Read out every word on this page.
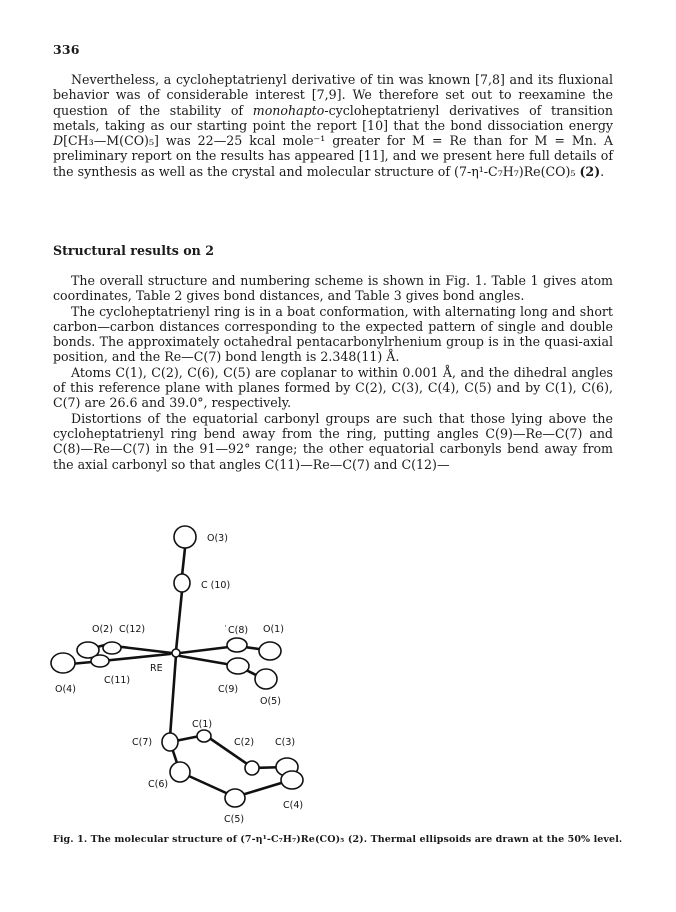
336

Nevertheless, a cycloheptatrienyl derivative of tin was known [7,8] and its fluxional behavior was of considerable interest [7,9]. We therefore set out to reexamine the question of the stability of monohapto-cycloheptatrienyl derivatives of transition metals, taking as our starting point the report [10] that the bond dissociation energy D[CH₃—M(CO)₅] was 22—25 kcal mole⁻¹ greater for M = Re than for M = Mn. A preliminary report on the results has appeared [11], and we present here full details of the synthesis as well as the crystal and molecular structure of (7-η¹-C₇H₇)Re(CO)₅ (2).

Structural results on 2

The overall structure and numbering scheme is shown in Fig. 1. Table 1 gives atom coordinates, Table 2 gives bond distances, and Table 3 gives bond angles.

The cycloheptatrienyl ring is in a boat conformation, with alternating long and short carbon—carbon distances corresponding to the expected pattern of single and double bonds. The approximately octahedral pentacarbonylrhenium group is in the quasi-axial position, and the Re—C(7) bond length is 2.348(11) Å.

Atoms C(1), C(2), C(6), C(5) are coplanar to within 0.001 Å, and the dihedral angles of this reference plane with planes formed by C(2), C(3), C(4), C(5) and by C(1), C(6), C(7) are 26.6 and 39.0°, respectively.

Distortions of the equatorial carbonyl groups are such that those lying above the cycloheptatrienyl ring bend away from the ring, putting angles C(9)—Re—C(7) and C(8)—Re—C(7) in the 91—92° range; the other equatorial carbonyls bend away from the axial carbonyl so that angles C(11)—Re—C(7) and C(12)—

O(3)
C (10)
O(2) C(12)	̇C(8) O(1)
RE
O(4)
C(11)
C(9)
O(5)
C(7)
C(1)
C(2) C(3)
C(6)
C(4)
C(5)
Fig. 1. The molecular structure of (7-η¹-C₇H₇)Re(CO)₅ (2). Thermal ellipsoids are drawn at the 50% level.
